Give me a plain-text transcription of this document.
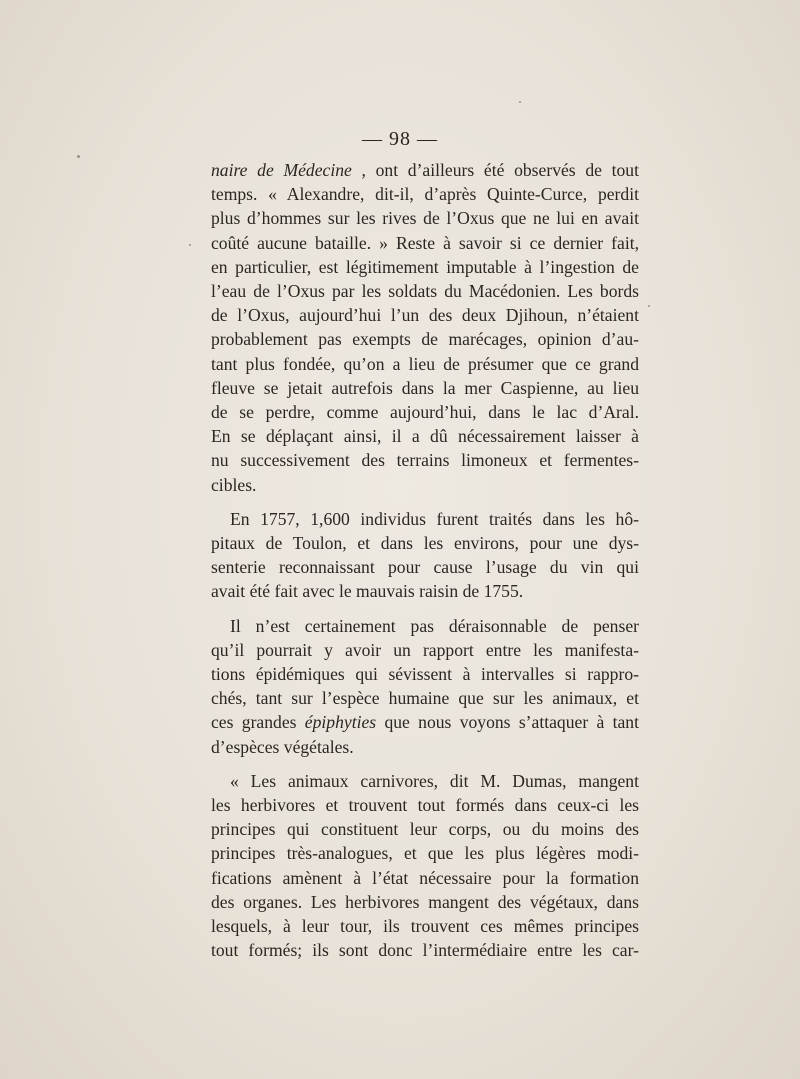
— 98 —
naire de Médecine , ont d’ailleurs été observés de tout
temps. « Alexandre, dit-il, d’après Quinte-Curce, perdit
plus d’hommes sur les rives de l’Oxus que ne lui en avait
coûté aucune bataille. » Reste à savoir si ce dernier fait,
en particulier, est légitimement imputable à l’ingestion de
l’eau de l’Oxus par les soldats du Macédonien. Les bords
de l’Oxus, aujourd’hui l’un des deux Djihoun, n’étaient
probablement pas exempts de marécages, opinion d’au-
tant plus fondée, qu’on a lieu de présumer que ce grand
fleuve se jetait autrefois dans la mer Caspienne, au lieu
de se perdre, comme aujourd’hui, dans le lac d’Aral.
En se déplaçant ainsi, il a dû nécessairement laisser à
nu successivement des terrains limoneux et fermentes-
cibles.
En 1757, 1,600 individus furent traités dans les hô-
pitaux de Toulon, et dans les environs, pour une dys-
senterie reconnaissant pour cause l’usage du vin qui
avait été fait avec le mauvais raisin de 1755.
Il n’est certainement pas déraisonnable de penser
qu’il pourrait y avoir un rapport entre les manifesta-
tions épidémiques qui sévissent à intervalles si rappro-
chés, tant sur l’espèce humaine que sur les animaux, et
ces grandes épiphyties que nous voyons s’attaquer à tant
d’espèces végétales.
« Les animaux carnivores, dit M. Dumas, mangent
les herbivores et trouvent tout formés dans ceux-ci les
principes qui constituent leur corps, ou du moins des
principes très-analogues, et que les plus légères modi-
fications amènent à l’état nécessaire pour la formation
des organes. Les herbivores mangent des végétaux, dans
lesquels, à leur tour, ils trouvent ces mêmes principes
tout formés; ils sont donc l’intermédiaire entre les car-
